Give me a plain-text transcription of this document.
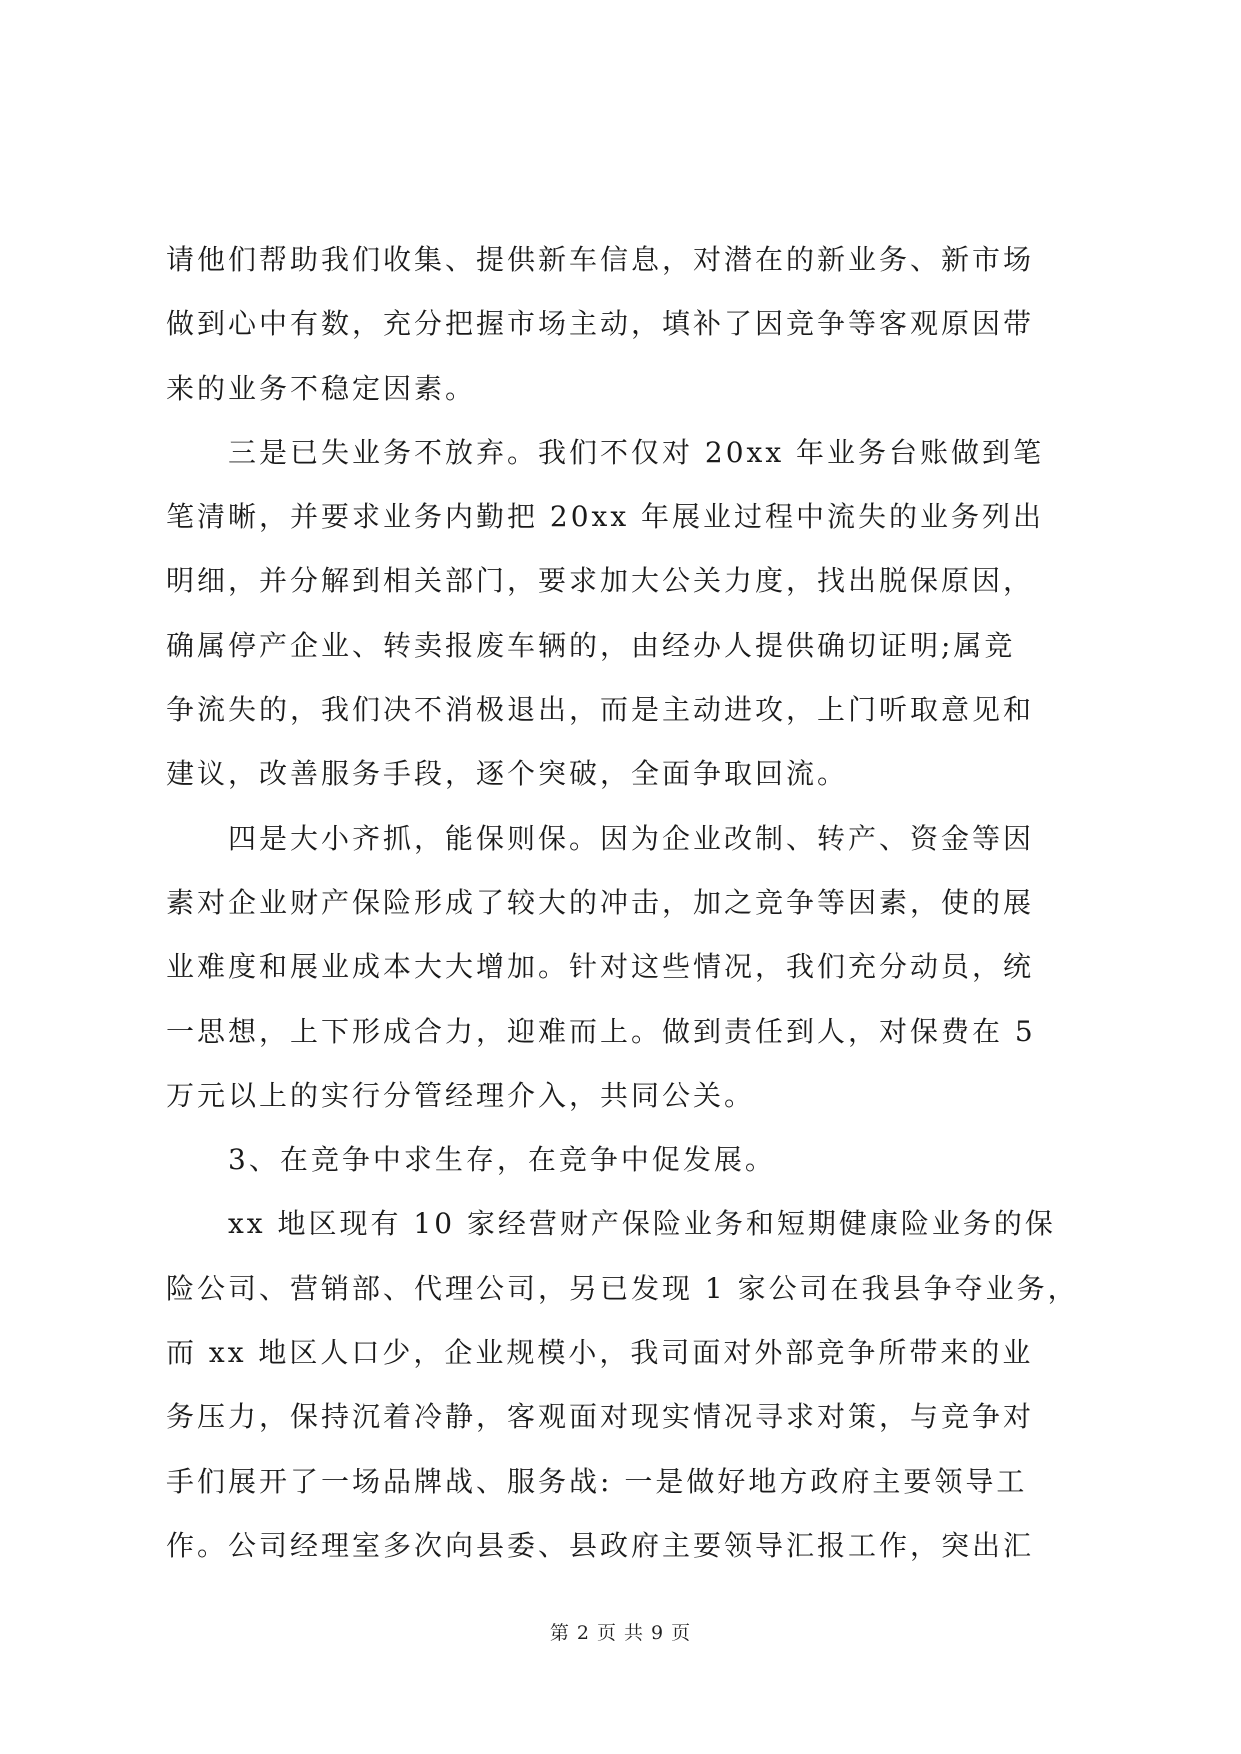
请他们帮助我们收集、提供新车信息，对潜在的新业务、新市场
做到心中有数，充分把握市场主动，填补了因竞争等客观原因带
来的业务不稳定因素。
　　三是已失业务不放弃。我们不仅对 20xx 年业务台账做到笔
笔清晰，并要求业务内勤把 20xx 年展业过程中流失的业务列出
明细，并分解到相关部门，要求加大公关力度，找出脱保原因，
确属停产企业、转卖报废车辆的，由经办人提供确切证明;属竞
争流失的，我们决不消极退出，而是主动进攻，上门听取意见和
建议，改善服务手段，逐个突破，全面争取回流。
　　四是大小齐抓，能保则保。因为企业改制、转产、资金等因
素对企业财产保险形成了较大的冲击，加之竞争等因素，使的展
业难度和展业成本大大增加。针对这些情况，我们充分动员，统
一思想，上下形成合力，迎难而上。做到责任到人，对保费在 5
万元以上的实行分管经理介入，共同公关。
　　3、在竞争中求生存，在竞争中促发展。
　　xx 地区现有 10 家经营财产保险业务和短期健康险业务的保
险公司、营销部、代理公司，另已发现 1 家公司在我县争夺业务，
而 xx 地区人口少，企业规模小，我司面对外部竞争所带来的业
务压力，保持沉着冷静，客观面对现实情况寻求对策，与竞争对
手们展开了一场品牌战、服务战: 一是做好地方政府主要领导工
作。公司经理室多次向县委、县政府主要领导汇报工作，突出汇
第 2 页 共 9 页
